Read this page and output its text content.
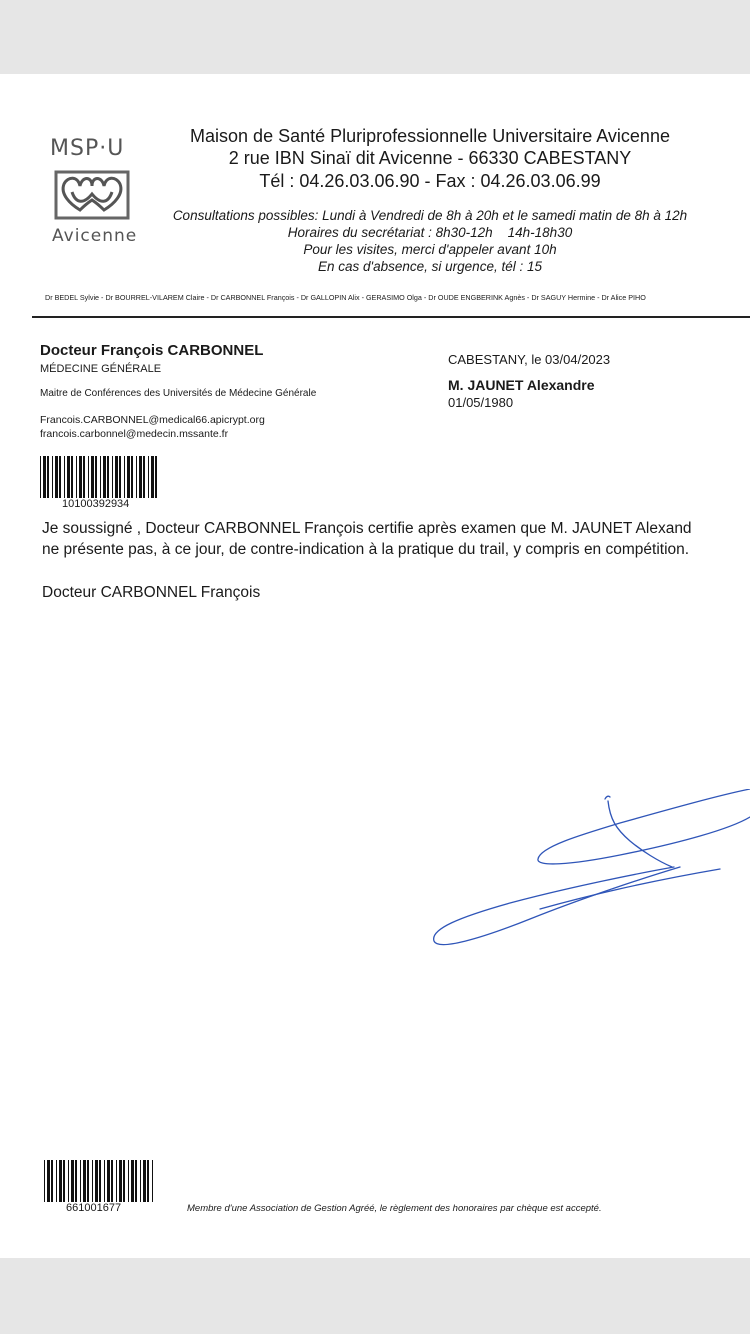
MSP·U
Avicenne
Maison de Santé Pluriprofessionnelle Universitaire Avicenne
2 rue IBN Sinaï dit Avicenne - 66330 CABESTANY
Tél : 04.26.03.06.90 - Fax : 04.26.03.06.99
Consultations possibles: Lundi à Vendredi de 8h à 20h et le samedi matin de 8h à 12h
Horaires du secrétariat : 8h30-12h    14h-18h30
Pour les visites, merci d'appeler avant 10h
En cas d'absence, si urgence, tél : 15
Dr BEDEL Sylvie - Dr BOURREL-VILAREM Claire - Dr CARBONNEL François - Dr GALLOPIN Alix - GERASIMO Olga - Dr OUDE ENGBERINK Agnès - Dr SAGUY Hermine - Dr Alice PIHO
Docteur François CARBONNEL
MÉDECINE GÉNÉRALE
Maitre de Conférences des Universités de Médecine Générale
Francois.CARBONNEL@medical66.apicrypt.org
francois.carbonnel@medecin.mssante.fr
10100392934
CABESTANY, le 03/04/2023
M. JAUNET Alexandre
01/05/1980
Je soussigné , Docteur CARBONNEL François certifie après examen que M. JAUNET Alexand
ne présente pas, à ce jour, de contre-indication à la pratique du trail, y compris en compétition.
Docteur CARBONNEL François
661001677	Membre d'une Association de Gestion Agréé, le règlement des honoraires par chèque est accepté.
